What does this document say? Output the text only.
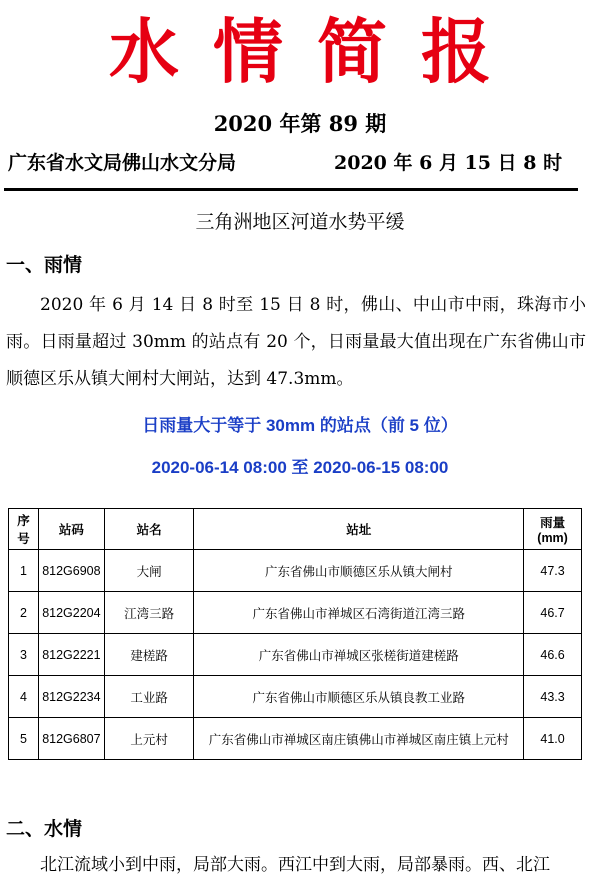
水情简报
2020 年第 89 期
广东省水文局佛山水文分局	2020 年 6 月 15 日 8 时
三角洲地区河道水势平缓
一、雨情

2020 年 6 月 14 日 8 时至 15 日 8 时，佛山、中山市中雨，珠海市小雨。日雨量超过 30mm 的站点有 20 个，日雨量最大值出现在广东省佛山市顺德区乐从镇大闸村大闸站，达到 47.3mm。

日雨量大于等于 30mm 的站点（前 5 位）
2020-06-14 08:00 至 2020-06-15 08:00
序号	站码	站名	站址	雨量(mm)
1	812G6908	大闸	广东省佛山市顺德区乐从镇大闸村	47.3
2	812G2204	江湾三路	广东省佛山市禅城区石湾街道江湾三路	46.7
3	812G2221	建槎路	广东省佛山市禅城区张槎街道建槎路	46.6
4	812G2234	工业路	广东省佛山市顺德区乐从镇良教工业路	43.3
5	812G6807	上元村	广东省佛山市禅城区南庄镇佛山市禅城区南庄镇上元村	41.0
二、水情

北江流域小到中雨，局部大雨。西江中到大雨，局部暴雨。西、北江
